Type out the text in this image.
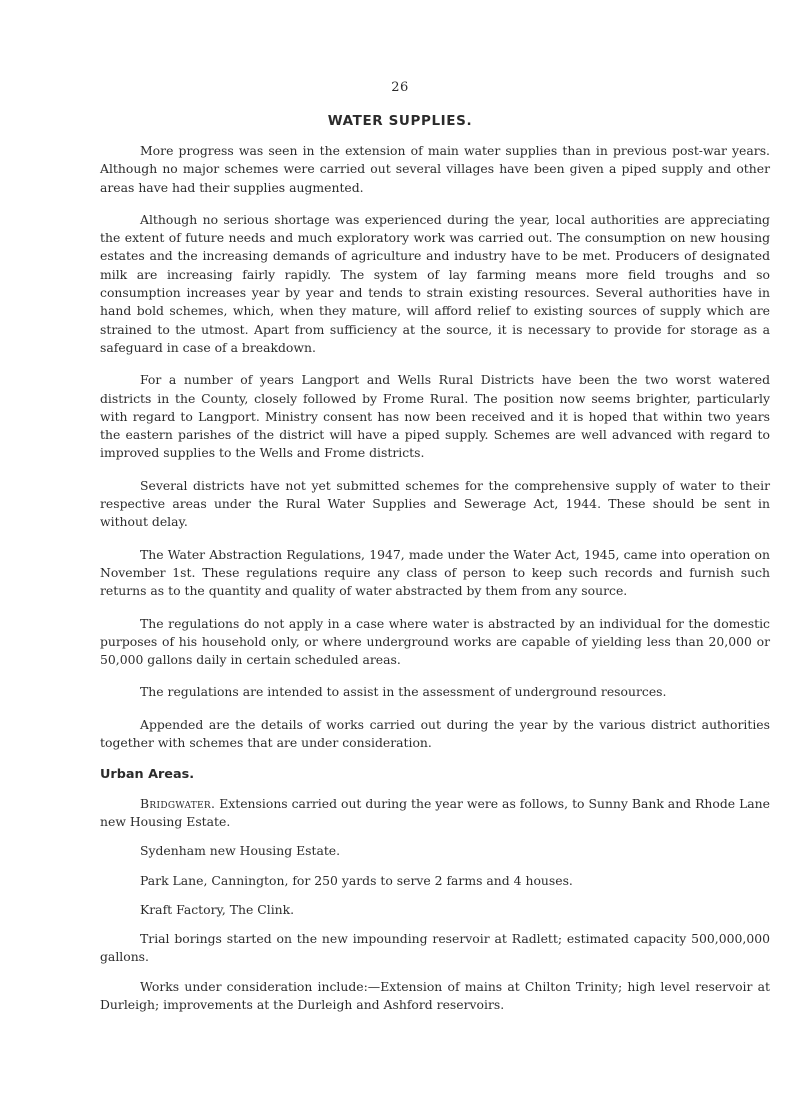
26
WATER SUPPLIES.

More progress was seen in the extension of main water supplies than in previous post-war years. Although no major schemes were carried out several villages have been given a piped supply and other areas have had their supplies augmented.

Although no serious shortage was experienced during the year, local authorities are appreciating the extent of future needs and much exploratory work was carried out. The consumption on new housing estates and the increasing demands of agriculture and industry have to be met. Producers of designated milk are increasing fairly rapidly. The system of lay farming means more field troughs and so consumption increases year by year and tends to strain existing resources. Several authorities have in hand bold schemes, which, when they mature, will afford relief to existing sources of supply which are strained to the utmost. Apart from sufficiency at the source, it is necessary to provide for storage as a safeguard in case of a breakdown.

For a number of years Langport and Wells Rural Districts have been the two worst watered districts in the County, closely followed by Frome Rural. The position now seems brighter, particularly with regard to Langport. Ministry consent has now been received and it is hoped that within two years the eastern parishes of the district will have a piped supply. Schemes are well advanced with regard to improved supplies to the Wells and Frome districts.

Several districts have not yet submitted schemes for the comprehensive supply of water to their respective areas under the Rural Water Supplies and Sewerage Act, 1944. These should be sent in without delay.

The Water Abstraction Regulations, 1947, made under the Water Act, 1945, came into operation on November 1st. These regulations require any class of person to keep such records and furnish such returns as to the quantity and quality of water abstracted by them from any source.

The regulations do not apply in a case where water is abstracted by an individual for the domestic purposes of his household only, or where underground works are capable of yielding less than 20,000 or 50,000 gallons daily in certain scheduled areas.

The regulations are intended to assist in the assessment of underground resources.

Appended are the details of works carried out during the year by the various district authorities together with schemes that are under consideration.

Urban Areas.

Bridgwater. Extensions carried out during the year were as follows, to Sunny Bank and Rhode Lane new Housing Estate.

Sydenham new Housing Estate.

Park Lane, Cannington, for 250 yards to serve 2 farms and 4 houses.

Kraft Factory, The Clink.

Trial borings started on the new impounding reservoir at Radlett; estimated capacity 500,000,000 gallons.

Works under consideration include:—Extension of mains at Chilton Trinity; high level reservoir at Durleigh; improvements at the Durleigh and Ashford reservoirs.
